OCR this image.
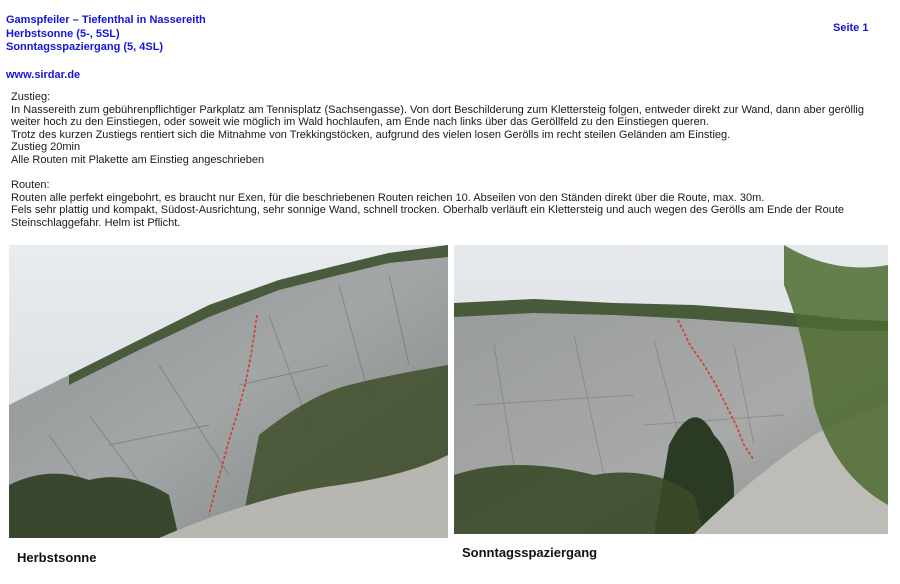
Gamspfeiler – Tiefenthal in Nassereith
Herbstsonne (5-, 5SL)
Sonntagsspaziergang (5, 4SL)
www.sirdar.de
Seite 1

Zustieg:

In Nassereith zum gebührenpflichtiger Parkplatz am Tennisplatz (Sachsengasse). Von dort Beschilderung zum Klettersteig folgen, entweder direkt zur Wand, dann aber geröllig weiter hoch zu den Einstiegen, oder soweit wie möglich im Wald hochlaufen, am Ende nach links über das Geröllfeld zu den Einstiegen queren.

Trotz des kurzen Zustiegs rentiert sich die Mitnahme von Trekkingstöcken, aufgrund des vielen losen Gerölls im recht steilen Geländen am Einstieg.

Zustieg 20min

Alle Routen mit Plakette am Einstieg angeschrieben

Routen:

Routen alle perfekt eingebohrt, es braucht nur Exen, für die beschriebenen Routen reichen 10. Abseilen von den Ständen direkt über die Route, max. 30m.

Fels sehr plattig und kompakt, Südost-Ausrichtung, sehr sonnige Wand, schnell trocken. Oberhalb verläuft ein Klettersteig und auch wegen des Gerölls am Ende der Route Steinschlaggefahr. Helm ist Pflicht.

Herbstsonne	Sonntagsspaziergang
